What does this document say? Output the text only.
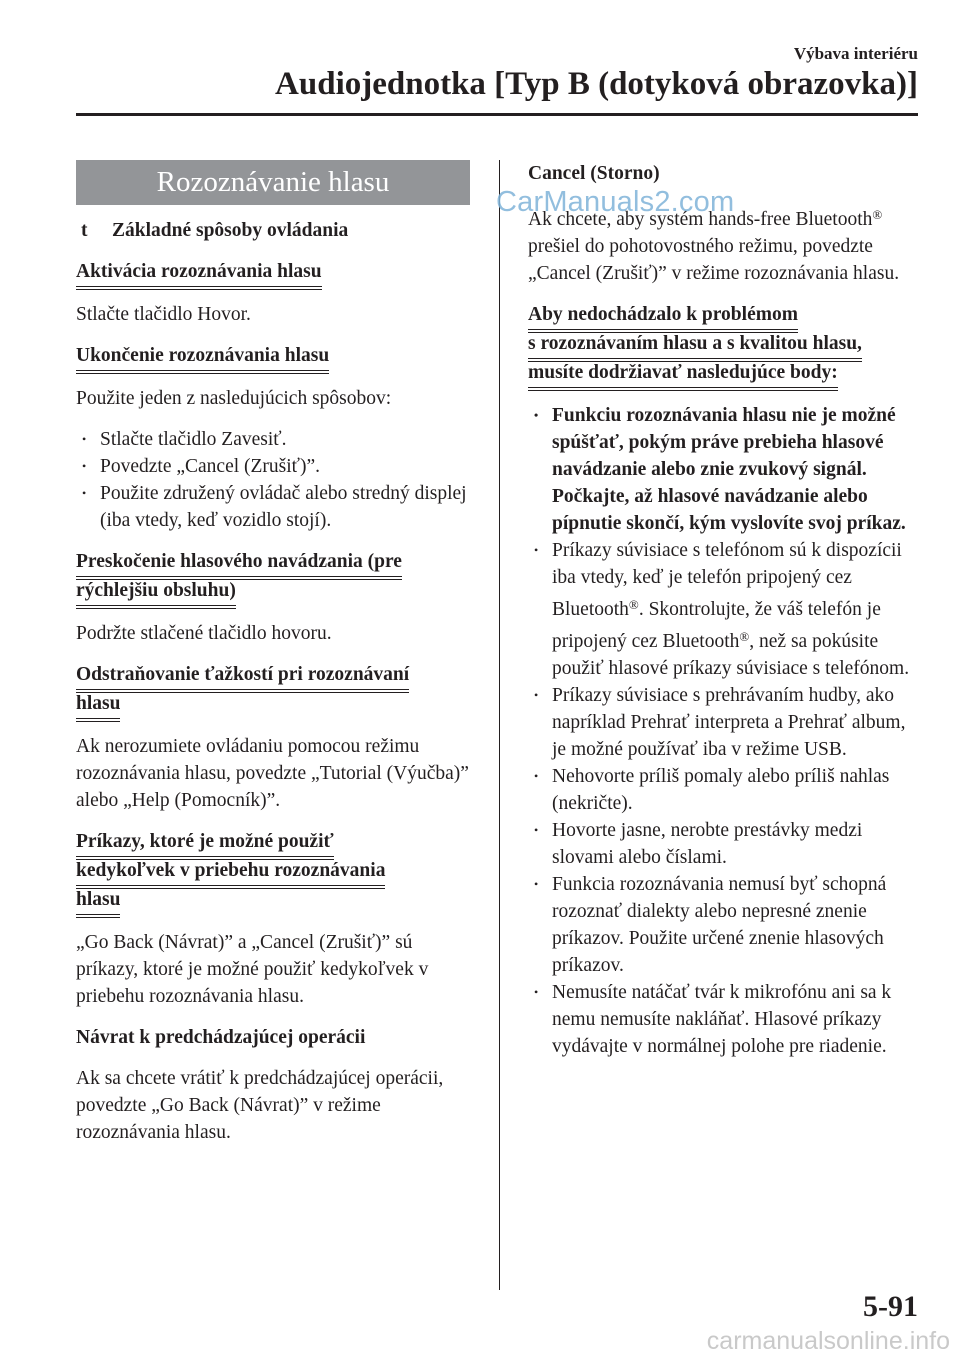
Výbava interiéru
Audiojednotka [Typ B (dotyková obrazovka)]
Rozoznávanie hlasu
t Základné spôsoby ovládania
Aktivácia rozoznávania hlasu

Stlačte tlačidlo Hovor.

Ukončenie rozoznávania hlasu

Použite jeden z nasledujúcich spôsobov:

• Stlačte tlačidlo Zavesiť.
• Povedzte „Cancel (Zrušiť)”.
• Použite združený ovládač alebo stredný displej (iba vtedy, keď vozidlo stojí).
Preskočenie hlasového navádzania (pre
rýchlejšiu obsluhu)

Podržte stlačené tlačidlo hovoru.

Odstraňovanie ťažkostí pri rozoznávaní
hlasu

Ak nerozumiete ovládaniu pomocou režimu rozoznávania hlasu, povedzte „Tutorial (Výučba)” alebo „Help (Pomocník)”.

Príkazy, ktoré je možné použiť
kedykoľvek v priebehu rozoznávania
hlasu

„Go Back (Návrat)” a „Cancel (Zrušiť)” sú príkazy, ktoré je možné použiť kedykoľvek v priebehu rozoznávania hlasu.

Návrat k predchádzajúcej operácii

Ak sa chcete vrátiť k predchádzajúcej operácii, povedzte „Go Back (Návrat)” v režime rozoznávania hlasu.

Cancel (Storno)

Ak chcete, aby systém hands-free Bluetooth® prešiel do pohotovostného režimu, povedzte „Cancel (Zrušiť)” v režime rozoznávania hlasu.

Aby nedochádzalo k problémom
s rozoznávaním hlasu a s kvalitou hlasu,
musíte dodržiavať nasledujúce body:
• Funkciu rozoznávania hlasu nie je možné spúšťať, pokým práve prebieha hlasové navádzanie alebo znie zvukový signál. Počkajte, až hlasové navádzanie alebo pípnutie skončí, kým vyslovíte svoj príkaz.
• Príkazy súvisiace s telefónom sú k dispozícii iba vtedy, keď je telefón pripojený cez Bluetooth®. Skontrolujte, že váš telefón je pripojený cez Bluetooth®, než sa pokúsite použiť hlasové príkazy súvisiace s telefónom.
• Príkazy súvisiace s prehrávaním hudby, ako napríklad Prehrať interpreta a Prehrať album, je možné používať iba v režime USB.
• Nehovorte príliš pomaly alebo príliš nahlas (nekričte).
• Hovorte jasne, nerobte prestávky medzi slovami alebo číslami.
• Funkcia rozoznávania nemusí byť schopná rozoznať dialekty alebo nepresné znenie príkazov. Použite určené znenie hlasových príkazov.
• Nemusíte natáčať tvár k mikrofónu ani sa k nemu nemusíte nakláňať. Hlasové príkazy vydávajte v normálnej polohe pre riadenie.
CarManuals2.com
5-91
carmanualsonline.info
